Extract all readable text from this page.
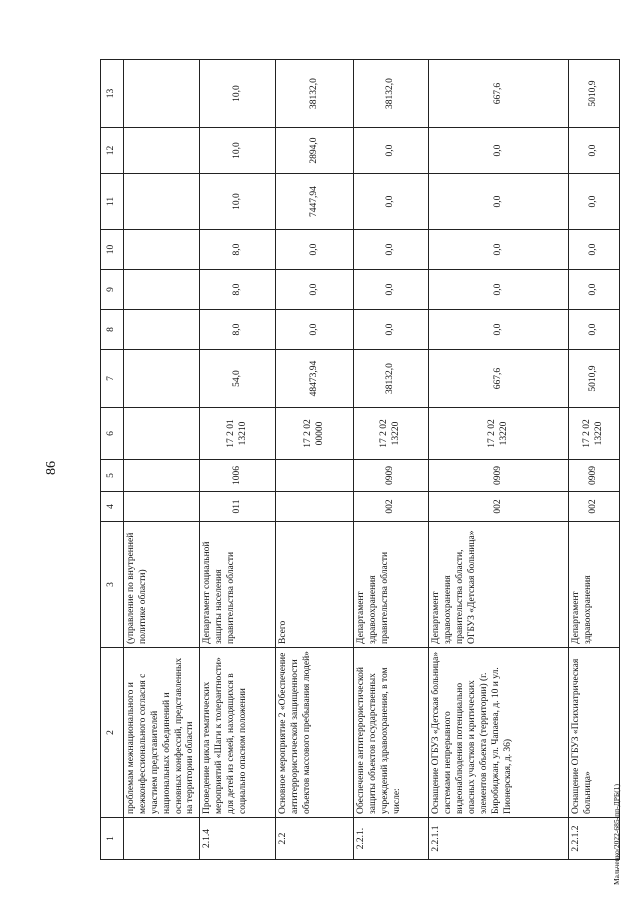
86
1	2	3	4	5	6	7	8	9	10	11	12	13
	проблемам межнационального и межконфессионального согласия с участием представителей национальных объединений и основных конфессий, представленных на территории области	(управление по внутренней политике области)										
2.1.4	Проведение цикла тематических мероприятий «Шаги к толерантности» для детей из семей, находящихся в социально опасном положении	Департамент социальной защиты населения правительства области	011	1006	17 2 01 13210	54,0	8,0	8,0	8,0	10,0	10,0	10,0
2.2	Основное мероприятие 2 «Обеспечение антитеррористической защищенности объектов массового пребывания людей»	Всего			17 2 02 00000	48473,94	0,0	0,0	0,0	7447,94	2894,0	38132,0
2.2.1.	Обеспечение антитеррористической защиты объектов государственных учреждений здравоохранения, в том числе:	Департамент здравоохранения правительства области	002	0909	17 2 02 13220	38132,0	0,0	0,0	0,0	0,0	0,0	38132,0
2.2.1.1	Оснащение ОГБУЗ «Детская больница» системами непрерывного видеонаблюдения потенциально опасных участков и критических элементов объекта (территории) (г. Биробиджан, ул. Чапаева, д. 10 и ул. Пионерская, д. 36)	Департамент здравоохранения правительства области, ОГБУЗ «Детская больница»	002	0909	17 2 02 13220	667,6	0,0	0,0	0,0	0,0	0,0	667,6
2.2.1.2	Оснащение ОГБУЗ «Психиатрическая больница»	Департамент здравоохранения	002	0909	17 2 02 13220	5010,9	0,0	0,0	0,0	0,0	0,0	5010,9
Мальченко/2022-685-пп-ДРБ(1)
